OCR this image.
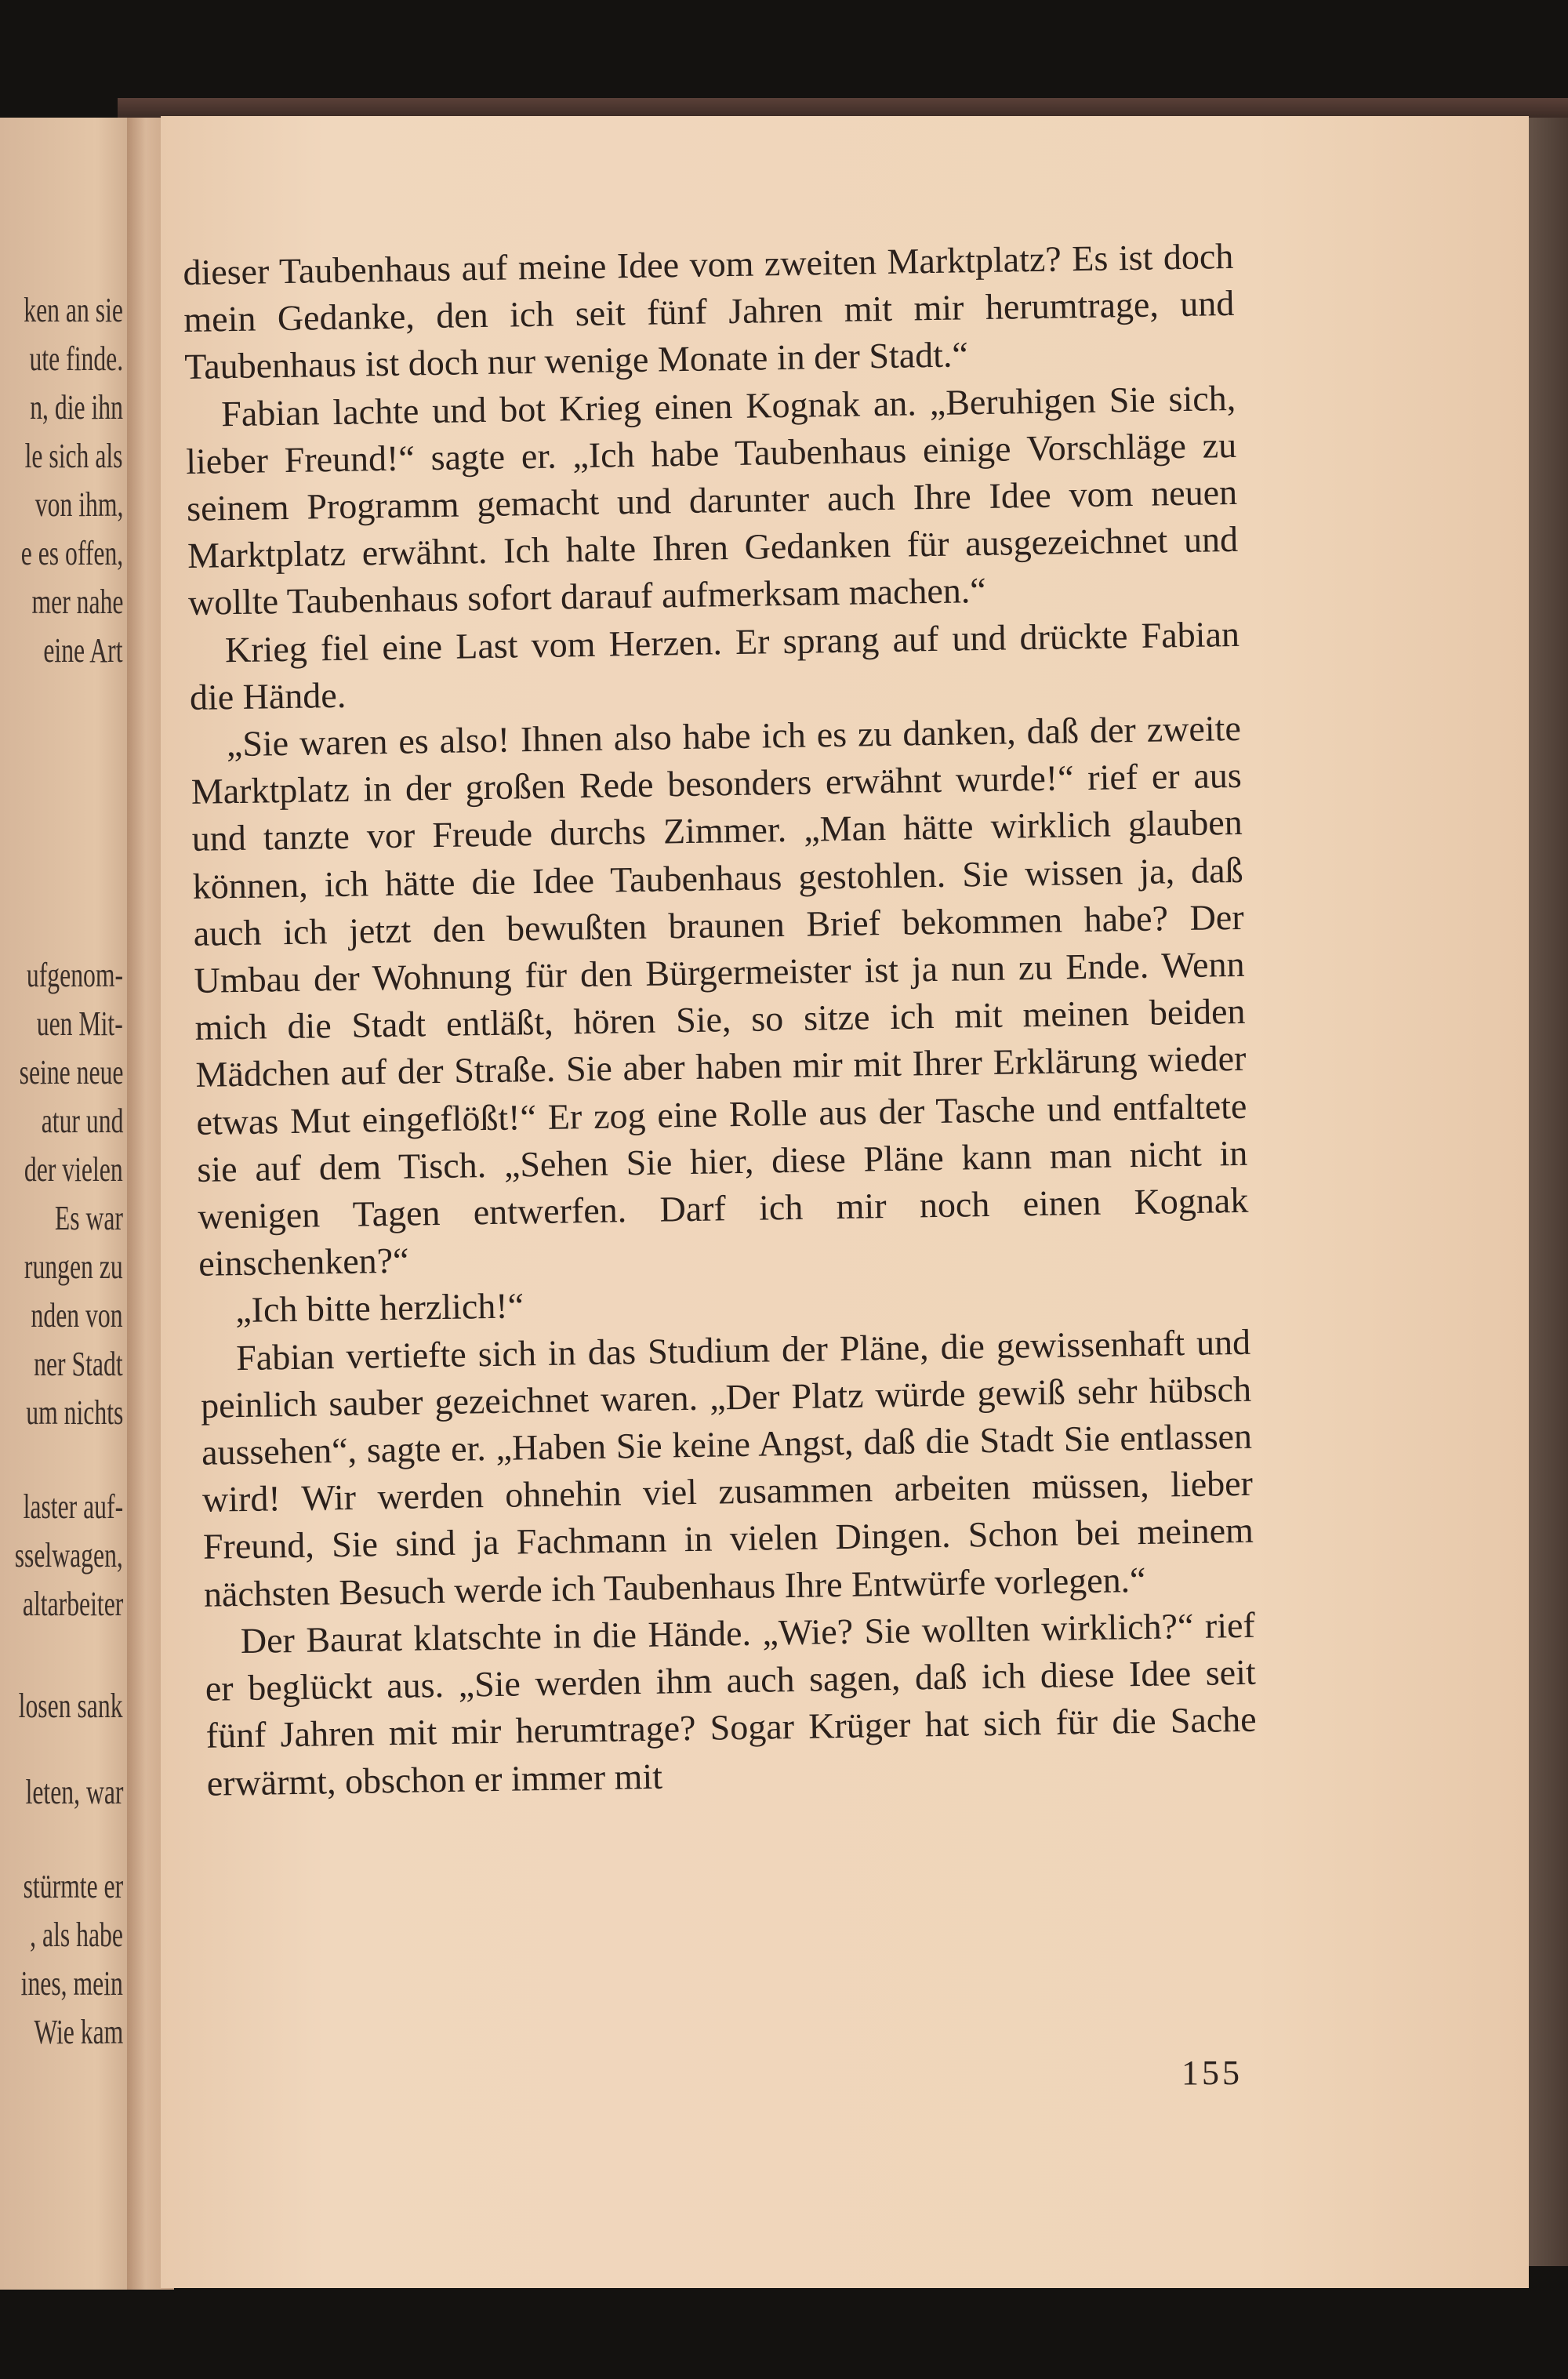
ken an sie
ute finde.
n, die ihn
le sich als
von ihm,
e es offen,
mer nahe
eine Art
ufgenom-
uen Mit-
seine neue
atur und
der vielen
Es war
rungen zu
nden von
ner Stadt
um nichts
laster auf-
sselwagen,
altarbeiter
losen sank
leten, war
stürmte er
, als habe
ines, mein
Wie kam

dieser Taubenhaus auf meine Idee vom zweiten Marktplatz? Es ist doch mein Gedanke, den ich seit fünf Jahren mit mir herumtrage, und Taubenhaus ist doch nur wenige Monate in der Stadt.“

Fabian lachte und bot Krieg einen Kognak an. „Beruhigen Sie sich, lieber Freund!“ sagte er. „Ich habe Taubenhaus einige Vorschläge zu seinem Programm gemacht und darunter auch Ihre Idee vom neuen Marktplatz erwähnt. Ich halte Ihren Gedanken für ausgezeichnet und wollte Taubenhaus sofort darauf aufmerksam machen.“

Krieg fiel eine Last vom Herzen. Er sprang auf und drückte Fabian die Hände.

„Sie waren es also! Ihnen also habe ich es zu danken, daß der zweite Marktplatz in der großen Rede besonders erwähnt wurde!“ rief er aus und tanzte vor Freude durchs Zimmer. „Man hätte wirklich glauben können, ich hätte die Idee Taubenhaus gestohlen. Sie wissen ja, daß auch ich jetzt den bewußten braunen Brief bekommen habe? Der Umbau der Wohnung für den Bürgermeister ist ja nun zu Ende. Wenn mich die Stadt entläßt, hören Sie, so sitze ich mit meinen beiden Mädchen auf der Straße. Sie aber haben mir mit Ihrer Erklärung wieder etwas Mut eingeflößt!“ Er zog eine Rolle aus der Tasche und entfaltete sie auf dem Tisch. „Sehen Sie hier, diese Pläne kann man nicht in wenigen Tagen entwerfen. Darf ich mir noch einen Kognak einschenken?“

„Ich bitte herzlich!“

Fabian vertiefte sich in das Studium der Pläne, die gewissenhaft und peinlich sauber gezeichnet waren. „Der Platz würde gewiß sehr hübsch aussehen“, sagte er. „Haben Sie keine Angst, daß die Stadt Sie entlassen wird! Wir werden ohnehin viel zusammen arbeiten müssen, lieber Freund, Sie sind ja Fachmann in vielen Dingen. Schon bei meinem nächsten Besuch werde ich Taubenhaus Ihre Entwürfe vorlegen.“

Der Baurat klatschte in die Hände. „Wie? Sie wollten wirklich?“ rief er beglückt aus. „Sie werden ihm auch sagen, daß ich diese Idee seit fünf Jahren mit mir herumtrage? Sogar Krüger hat sich für die Sache erwärmt, obschon er immer mit

155
